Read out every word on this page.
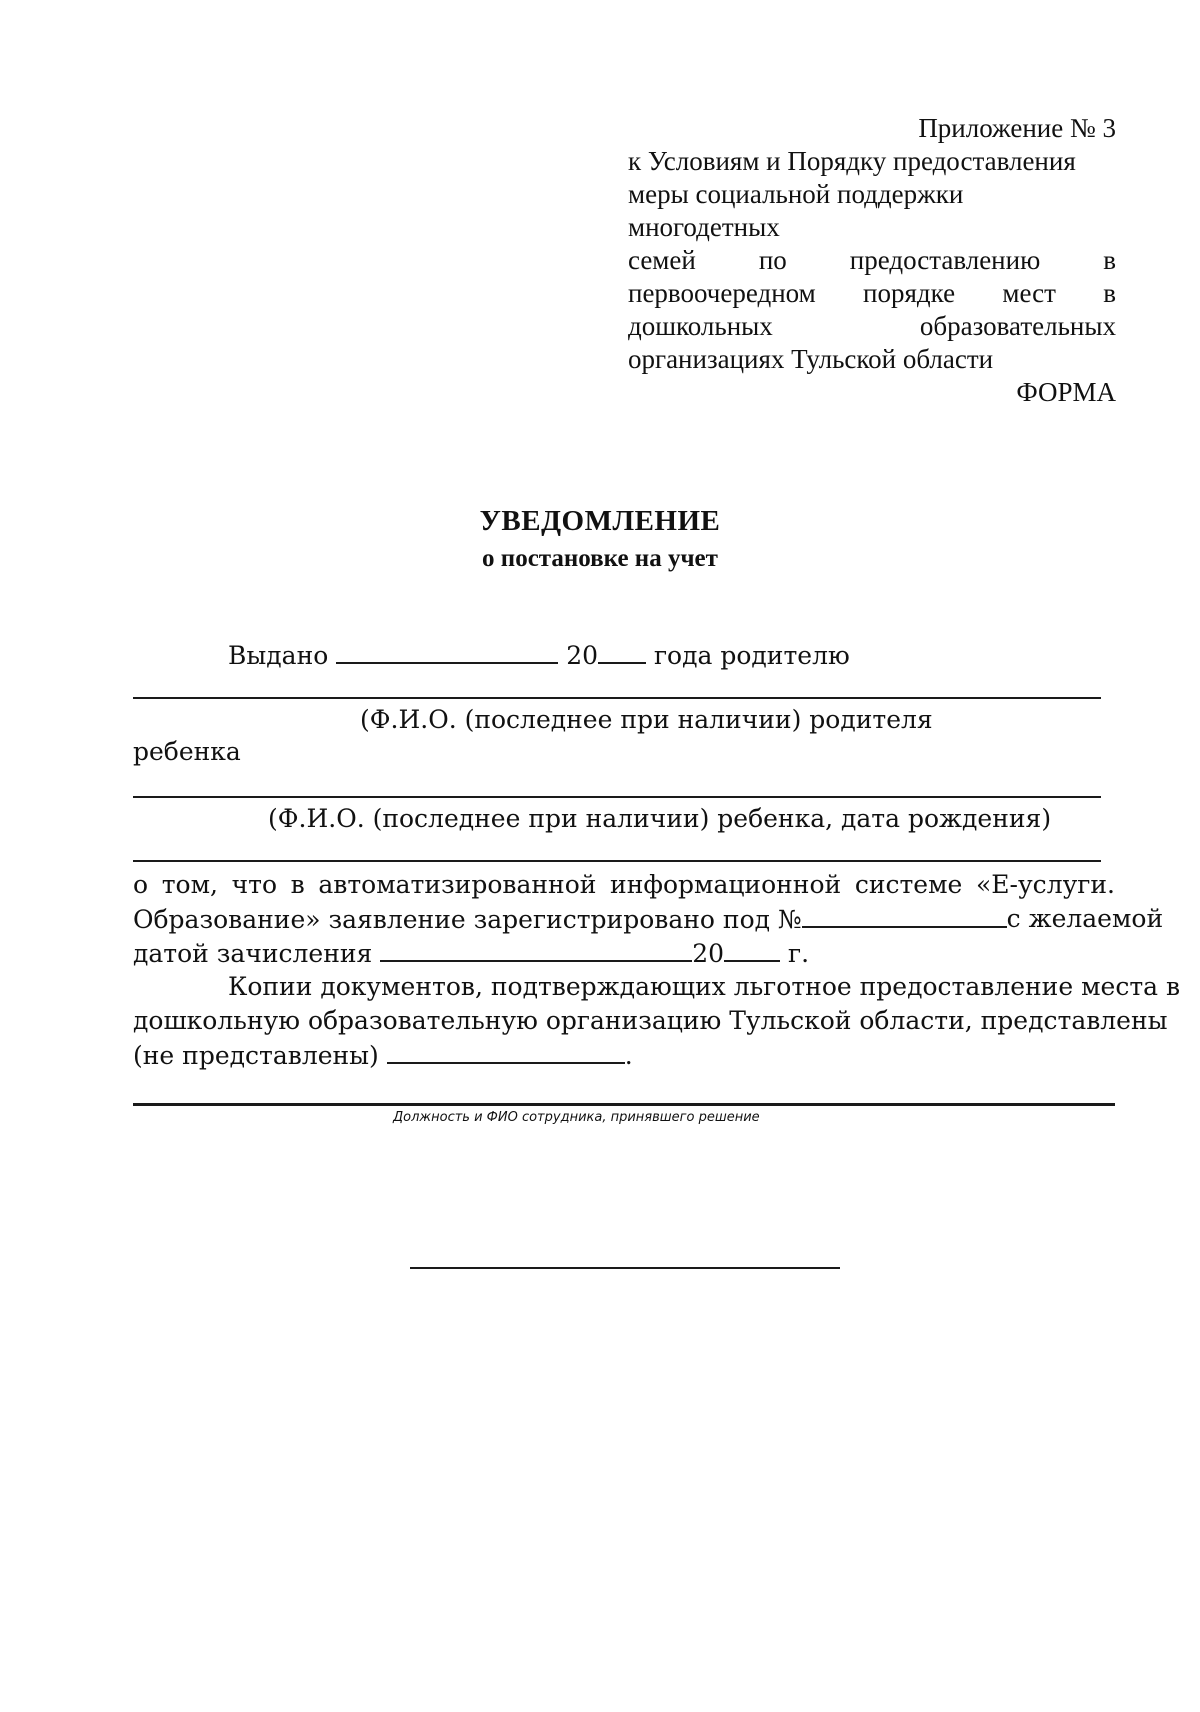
Приложение № 3
к Условиям и Порядку предоставления
меры социальной поддержки многодетных
семей по предоставлению в
первоочередном порядке мест в
дошкольных	образовательных
организациях Тульской области
ФОРМА
УВЕДОМЛЕНИЕ
о постановке на учет
Выдано	20 года родителю
(Ф.И.О. (последнее при наличии) родителя
ребенка
(Ф.И.О. (последнее при наличии) ребенка, дата рождения)
о том, что в автоматизированной информационной системе «Е-услуги.
Образование» заявление зарегистрировано под №	с желаемой
датой зачисления	20	г.
Копии документов, подтверждающих льготное предоставление места в
дошкольную образовательную организацию Тульской области, представлены
(не представлены)	.
Должность и ФИО сотрудника, принявшего решение
